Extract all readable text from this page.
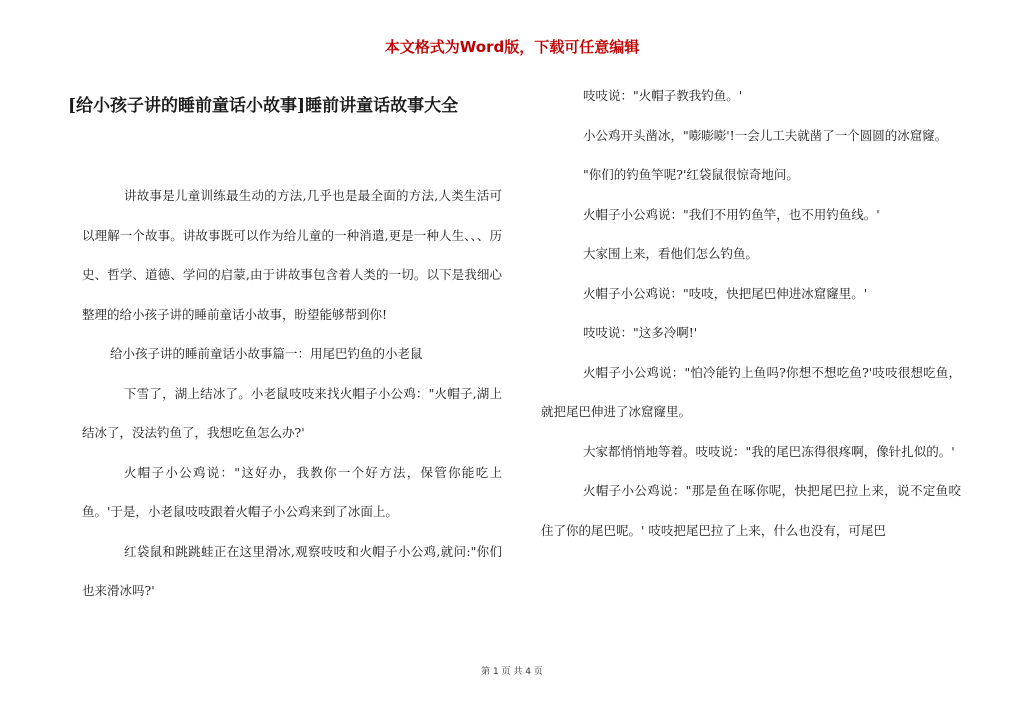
本文格式为Word版，下载可任意编辑
[给小孩子讲的睡前童话小故事]睡前讲童话故事大全

讲故事是儿童训练最生动的方法,几乎也是最全面的方法,人类生活可以理解一个故事。讲故事既可以作为给儿童的一种消遣,更是一种人生、、、历史、哲学、道德、学问的启蒙,由于讲故事包含着人类的一切。以下是我细心整理的给小孩子讲的睡前童话小故事，盼望能够帮到你!

给小孩子讲的睡前童话小故事篇一：用尾巴钓鱼的小老鼠

下雪了，湖上结冰了。小老鼠吱吱来找火帽子小公鸡："火帽子,湖上结冰了，没法钓鱼了，我想吃鱼怎么办?'

火帽子小公鸡说："这好办，我教你一个好方法，保管你能吃上鱼。'于是，小老鼠吱吱跟着火帽子小公鸡来到了冰面上。

红袋鼠和跳跳蛙正在这里滑冰,观察吱吱和火帽子小公鸡,就问:"你们也来滑冰吗?'

吱吱说："火帽子教我钓鱼。'

小公鸡开头凿冰，"嘭嘭嘭'!一会儿工夫就凿了一个圆圆的冰窟窿。

"你们的钓鱼竿呢?'红袋鼠很惊奇地问。

火帽子小公鸡说："我们不用钓鱼竿，也不用钓鱼线。'

大家围上来，看他们怎么钓鱼。

火帽子小公鸡说："吱吱，快把尾巴伸进冰窟窿里。'

吱吱说："这多冷啊!'

火帽子小公鸡说："怕冷能钓上鱼吗?你想不想吃鱼?'吱吱很想吃鱼，就把尾巴伸进了冰窟窿里。

大家都悄悄地等着。吱吱说："我的尾巴冻得很疼啊，像针扎似的。'

火帽子小公鸡说："那是鱼在啄你呢，快把尾巴拉上来，说不定鱼咬住了你的尾巴呢。' 吱吱把尾巴拉了上来，什么也没有，可尾巴

第 1 页 共 4 页
